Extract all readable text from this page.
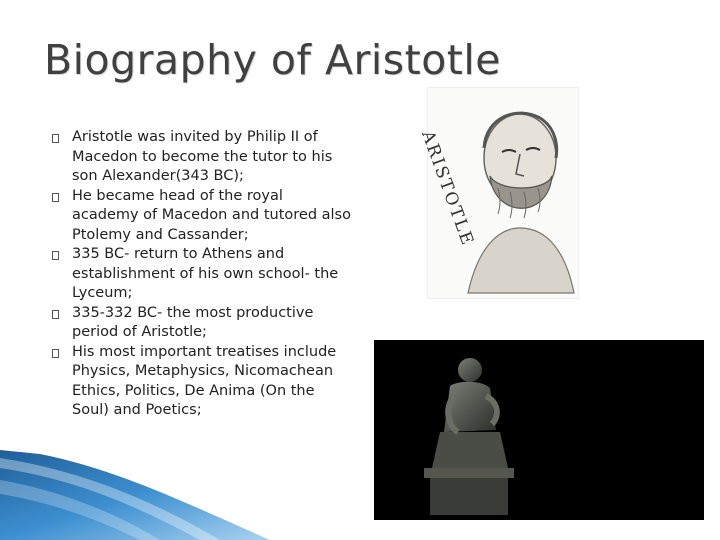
Biography of Aristotle
Aristotle was invited by Philip II of Macedon to become the tutor to his son Alexander(343 BC);
He became head of the royal academy of Macedon and tutored also Ptolemy and Cassander;
335 BC- return to Athens and establishment of his own school- the Lyceum;
335-332 BC- the most productive period of Aristotle;
His most important treatises include Physics, Metaphysics, Nicomachean Ethics, Politics, De Anima (On the Soul) and Poetics;
ARISTOTLE
